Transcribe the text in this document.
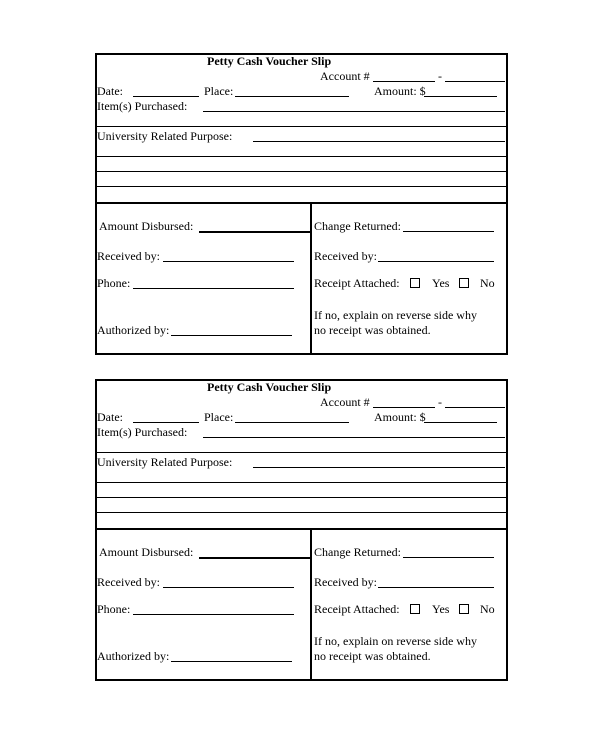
Petty Cash Voucher Slip
Account #	-
Date:	Place:	Amount: $
Item(s) Purchased:
University Related Purpose:
Amount Disbursed:
Received by:
Phone:
Authorized by:
Change Returned:
Received by:
Receipt Attached:	Yes	No
If no, explain on reverse side why
no receipt was obtained.
Petty Cash Voucher Slip
Account #	-
Date:	Place:	Amount: $
Item(s) Purchased:
University Related Purpose:
Amount Disbursed:
Received by:
Phone:
Authorized by:
Change Returned:
Received by:
Receipt Attached:	Yes	No
If no, explain on reverse side why
no receipt was obtained.
